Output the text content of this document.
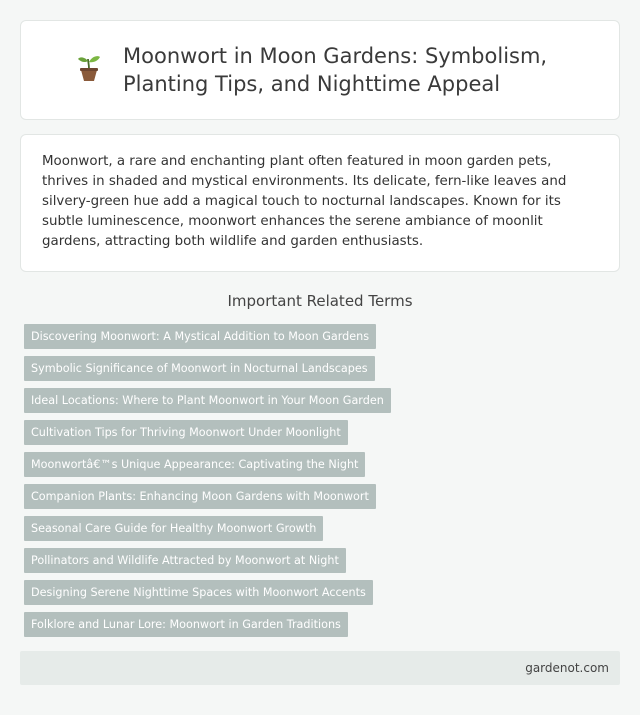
Moonwort in Moon Gardens: Symbolism, Planting Tips, and Nighttime Appeal

Moonwort, a rare and enchanting plant often featured in moon garden pets, thrives in shaded and mystical environments. Its delicate, fern-like leaves and silvery-green hue add a magical touch to nocturnal landscapes. Known for its subtle luminescence, moonwort enhances the serene ambiance of moonlit gardens, attracting both wildlife and garden enthusiasts.

Important Related Terms
Discovering Moonwort: A Mystical Addition to Moon Gardens
Symbolic Significance of Moonwort in Nocturnal Landscapes
Ideal Locations: Where to Plant Moonwort in Your Moon Garden
Cultivation Tips for Thriving Moonwort Under Moonlight
Moonwortâ€™s Unique Appearance: Captivating the Night
Companion Plants: Enhancing Moon Gardens with Moonwort
Seasonal Care Guide for Healthy Moonwort Growth
Pollinators and Wildlife Attracted by Moonwort at Night
Designing Serene Nighttime Spaces with Moonwort Accents
Folklore and Lunar Lore: Moonwort in Garden Traditions
gardenot.com
